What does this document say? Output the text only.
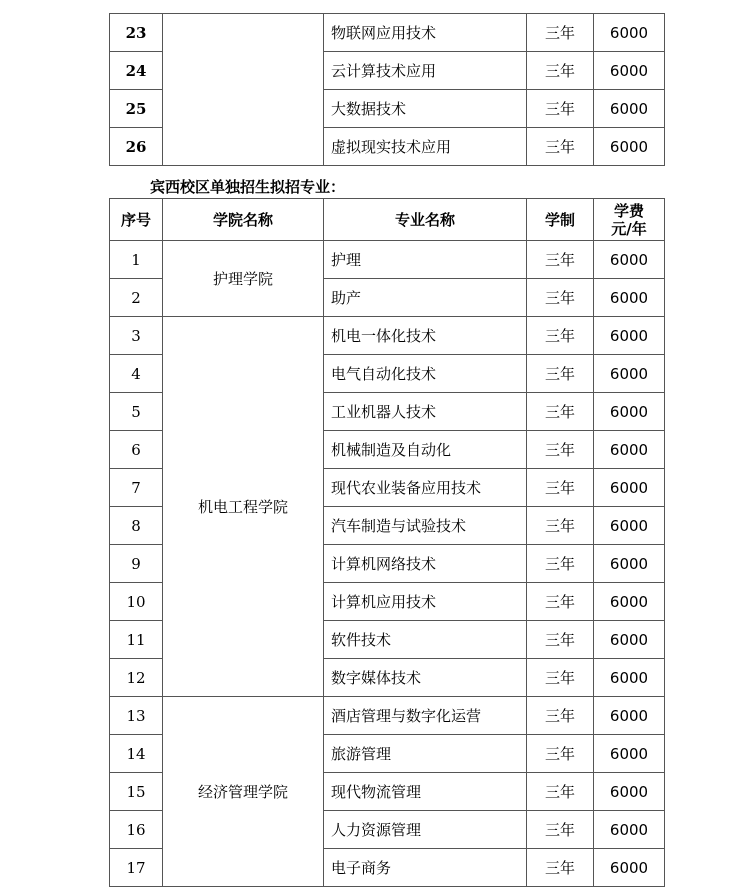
23		物联网应用技术	三年	6000
24		云计算技术应用	三年	6000
25		大数据技术	三年	6000
26		虚拟现实技术应用	三年	6000
宾西校区单独招生拟招专业：
序号	学院名称	专业名称	学制	学费
元/年

1	护理学院	护理	三年	6000
2		助产	三年	6000
3	机电工程学院	机电一体化技术	三年	6000
4		电气自动化技术	三年	6000
5		工业机器人技术	三年	6000
6		机械制造及自动化	三年	6000
7		现代农业装备应用技术	三年	6000
8		汽车制造与试验技术	三年	6000
9		计算机网络技术	三年	6000
10		计算机应用技术	三年	6000
11		软件技术	三年	6000
12		数字媒体技术	三年	6000
13	经济管理学院	酒店管理与数字化运营	三年	6000
14		旅游管理	三年	6000
15		现代物流管理	三年	6000
16		人力资源管理	三年	6000
17		电子商务	三年	6000
